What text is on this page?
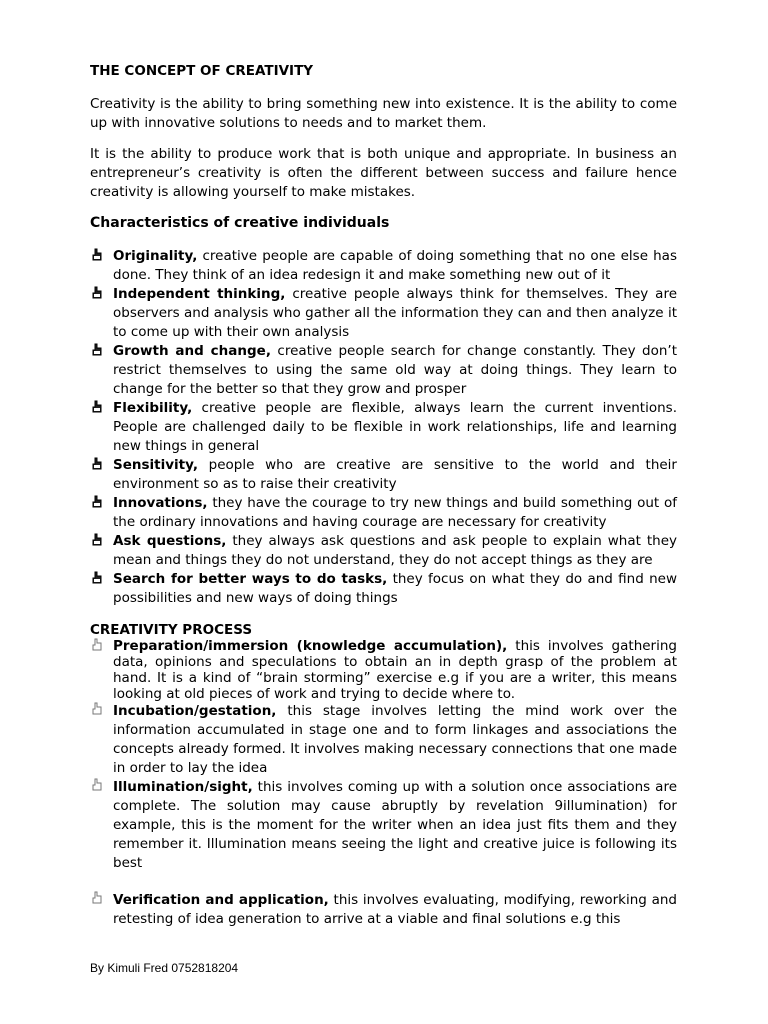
THE CONCEPT OF CREATIVITY

Creativity is the ability to bring something new into existence. It is the ability to come up with innovative solutions to needs and to market them.

It is the ability to produce work that is both unique and appropriate. In business an entrepreneur’s creativity is often the different between success and failure hence creativity is allowing yourself to make mistakes.

Characteristics of creative individuals
Originality, creative people are capable of doing something that no one else has done. They think of an idea redesign it and make something new out of it
Independent thinking, creative people always think for themselves. They are observers and analysis who gather all the information they can and then analyze it to come up with their own analysis
Growth and change, creative people search for change constantly. They don’t restrict themselves to using the same old way at doing things. They learn to change for the better so that they grow and prosper
Flexibility, creative people are flexible, always learn the current inventions. People are challenged daily to be flexible in work relationships, life and learning new things in general
Sensitivity, people who are creative are sensitive to the world and their environment so as to raise their creativity
Innovations, they have the courage to try new things and build something out of the ordinary innovations and having courage are necessary for creativity
Ask questions, they always ask questions and ask people to explain what they mean and things they do not understand, they do not accept things as they are
Search for better ways to do tasks, they focus on what they do and find new possibilities and new ways of doing things
CREATIVITY PROCESS
Preparation/immersion (knowledge accumulation), this involves gathering data, opinions and speculations to obtain an in depth grasp of the problem at hand. It is a kind of “brain storming” exercise e.g if you are a writer, this means looking at old pieces of work and trying to decide where to.
Incubation/gestation, this stage involves letting the mind work over the information accumulated in stage one and to form linkages and associations the concepts already formed. It involves making necessary connections that one made in order to lay the idea
Illumination/sight, this involves coming up with a solution once associations are complete. The solution may cause abruptly by revelation 9illumination) for example, this is the moment for the writer when an idea just fits them and they remember it. Illumination means seeing the light and creative juice is following its best
Verification and application, this involves evaluating, modifying, reworking and retesting of idea generation to arrive at a viable and final solutions e.g this
By Kimuli Fred 0752818204
